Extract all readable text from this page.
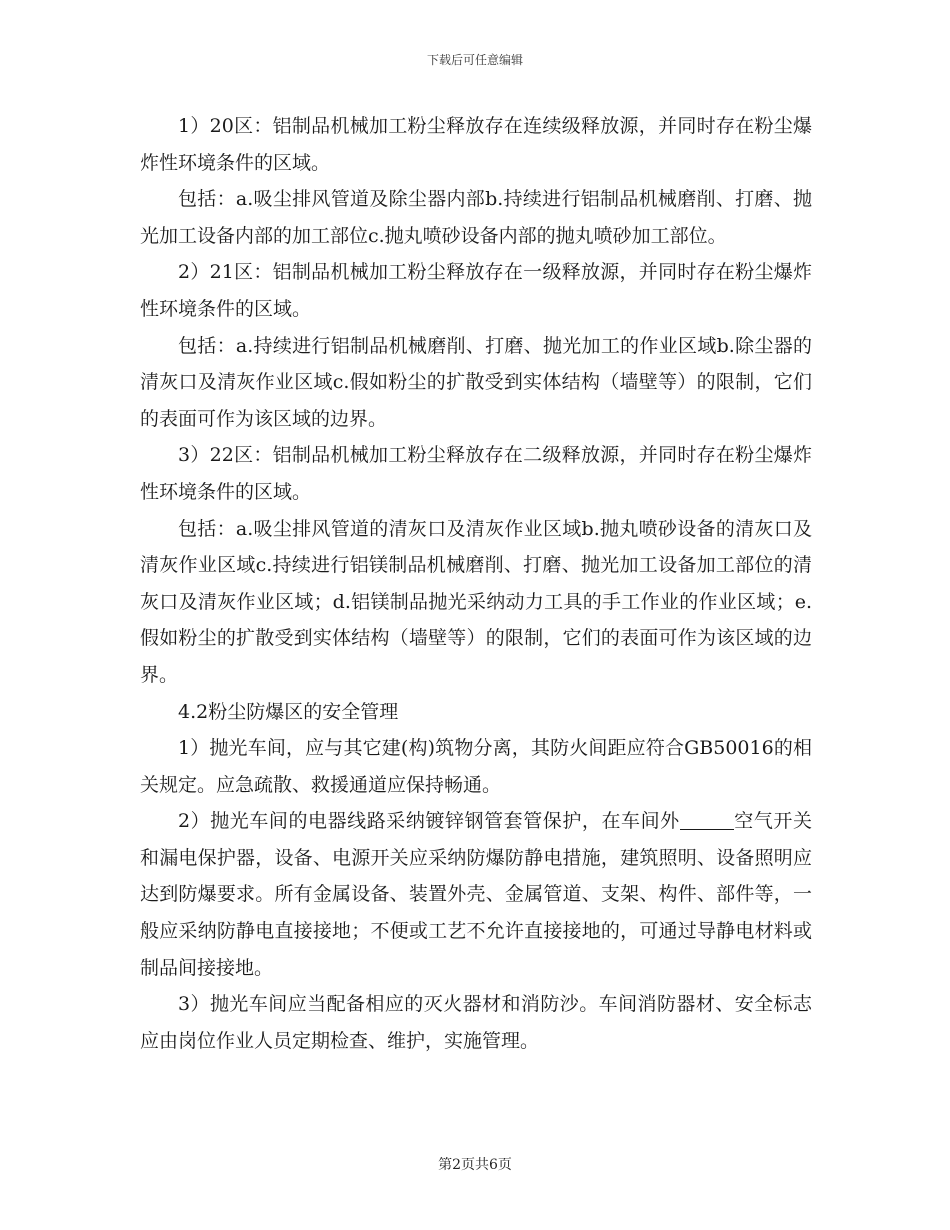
下载后可任意编辑

1）20区：铝制品机械加工粉尘释放存在连续级释放源，并同时存在粉尘爆炸性环境条件的区域。

包括：a.吸尘排风管道及除尘器内部b.持续进行铝制品机械磨削、打磨、抛光加工设备内部的加工部位c.抛丸喷砂设备内部的抛丸喷砂加工部位。

2）21区：铝制品机械加工粉尘释放存在一级释放源，并同时存在粉尘爆炸性环境条件的区域。

包括：a.持续进行铝制品机械磨削、打磨、抛光加工的作业区域b.除尘器的清灰口及清灰作业区域c.假如粉尘的扩散受到实体结构（墙壁等）的限制，它们的表面可作为该区域的边界。

3）22区：铝制品机械加工粉尘释放存在二级释放源，并同时存在粉尘爆炸性环境条件的区域。

包括：a.吸尘排风管道的清灰口及清灰作业区域b.抛丸喷砂设备的清灰口及清灰作业区域c.持续进行铝镁制品机械磨削、打磨、抛光加工设备加工部位的清灰口及清灰作业区域；d.铝镁制品抛光采纳动力工具的手工作业的作业区域；e.假如粉尘的扩散受到实体结构（墙壁等）的限制，它们的表面可作为该区域的边界。

4.2粉尘防爆区的安全管理

1）抛光车间，应与其它建(构)筑物分离，其防火间距应符合GB50016的相关规定。应急疏散、救援通道应保持畅通。

2）抛光车间的电器线路采纳镀锌钢管套管保护，在车间外	空气开关和漏电保护器，设备、电源开关应采纳防爆防静电措施，建筑照明、设备照明应达到防爆要求。所有金属设备、装置外壳、金属管道、支架、构件、部件等，一般应采纳防静电直接接地；不便或工艺不允许直接接地的，可通过导静电材料或制品间接接地。

3）抛光车间应当配备相应的灭火器材和消防沙。车间消防器材、安全标志应由岗位作业人员定期检查、维护，实施管理。

第2页共6页
